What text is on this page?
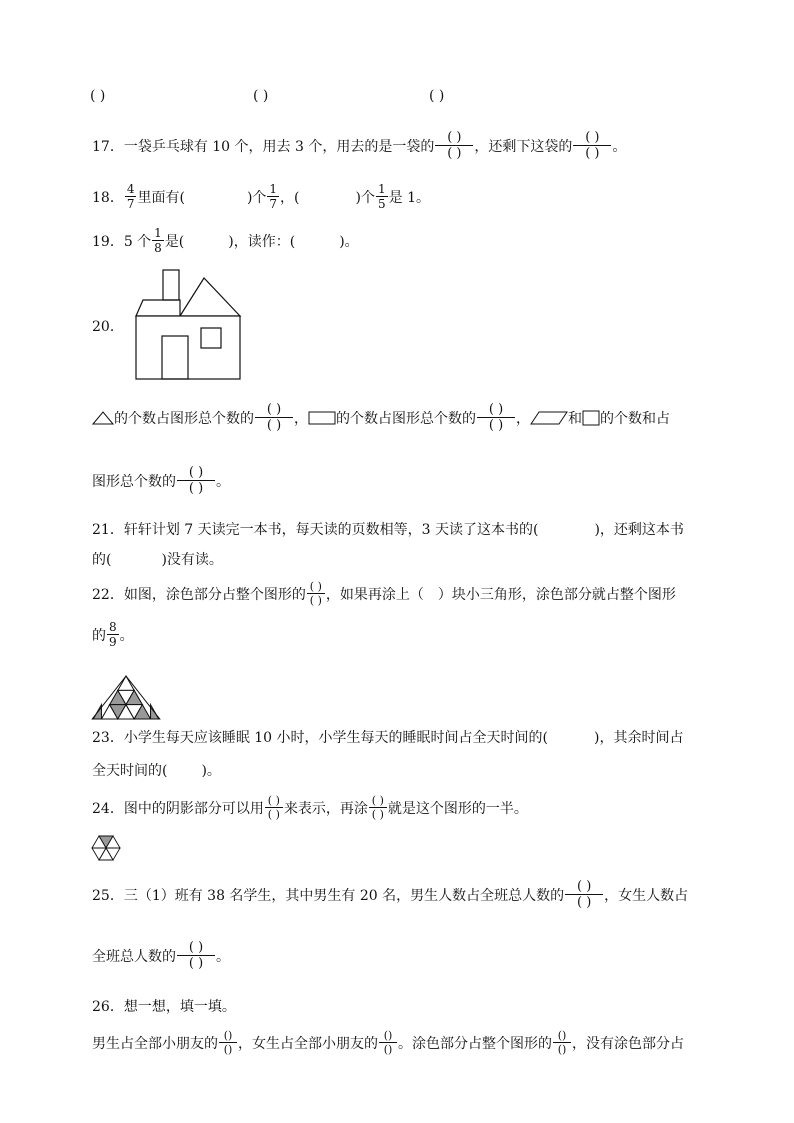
( )	( )	( )
17．一袋乒乓球有 10 个，用去 3 个，用去的是一袋的 $\frac{( )}{( )}$ ，还剩下这袋的 $\frac{( )}{( )}$ 。
18． $\frac{4}{7}$ 里面有(	)个 $\frac{1}{7}$ ，(	)个 $\frac{1}{5}$ 是 1。
19．5 个 $\frac{1}{8}$ 是(	)，读作：(	)。
20．
的个数占图形总个数的 $\frac{( )}{( )}$ ， 的个数占图形总个数的 $\frac{( )}{( )}$ ，	和 的个数和占
图形总个数的 $\frac{( )}{( )}$ 。
21．轩轩计划 7 天读完一本书，每天读的页数相等，3 天读了这本书的(	)，还剩这本书
的(	)没有读。
22．如图，涂色部分占整个图形的 $\frac{( )}{( )}$ ，如果再涂上（ ）块小三角形，涂色部分就占整个图形
的 $\frac{8}{9}$ 。
23．小学生每天应该睡眠 10 小时，小学生每天的睡眠时间占全天时间的(	)，其余时间占
全天时间的( )。
24．图中的阴影部分可以用 $\frac{( )}{( )}$ 来表示，再涂 $\frac{( )}{( )}$ 就是这个图形的一半。
25．三（1）班有 38 名学生，其中男生有 20 名，男生人数占全班总人数的 $\frac{( )}{( )}$ ，女生人数占
全班总人数的 $\frac{( )}{( )}$ 。
26．想一想，填一填。
男生占全部小朋友的 $\frac{()}{()}$ ，女生占全部小朋友的 $\frac{()}{()}$ 。涂色部分占整个图形的 $\frac{()}{()}$ ，没有涂色部分占
